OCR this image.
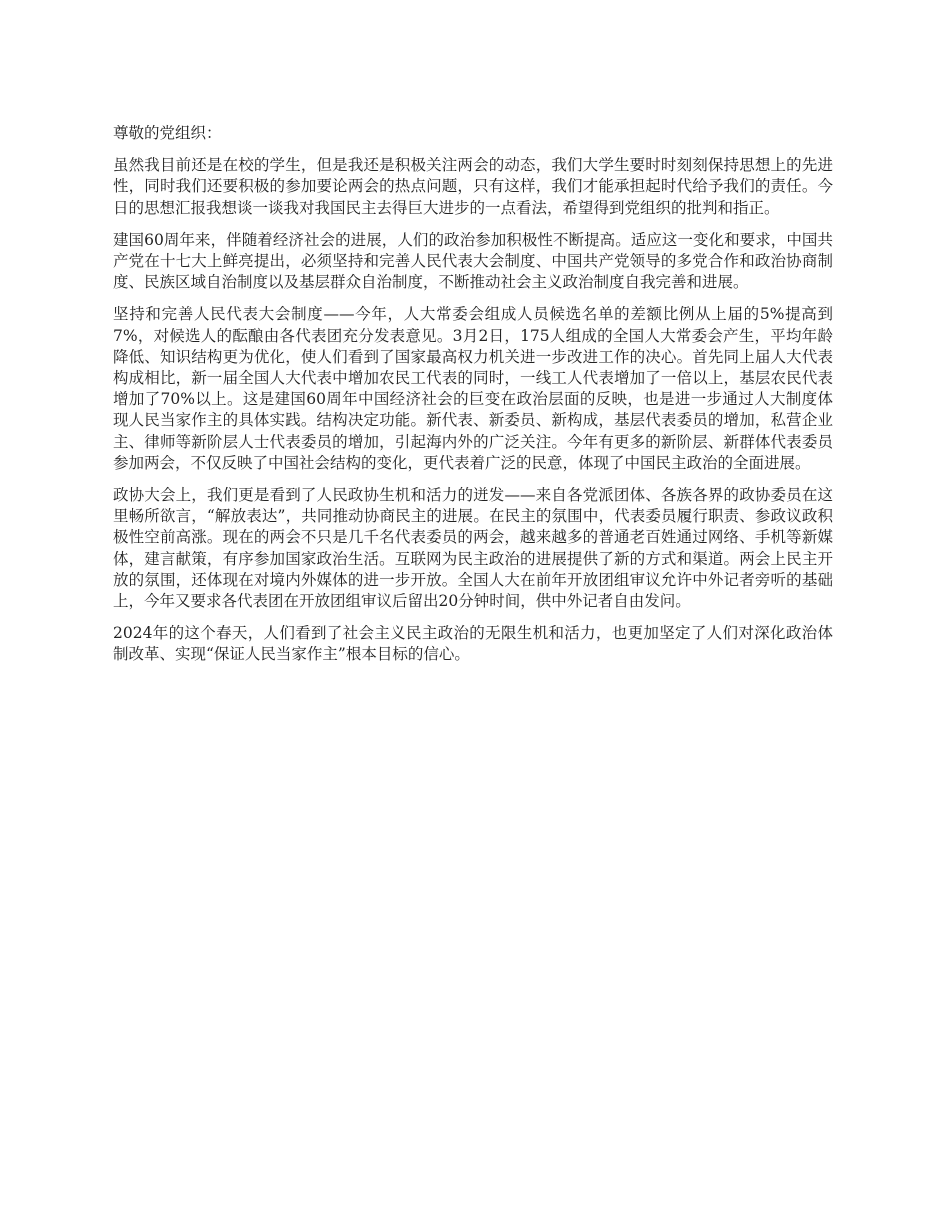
尊敬的党组织：

虽然我目前还是在校的学生，但是我还是积极关注两会的动态，我们大学生要时时刻刻保持思想上的先进性，同时我们还要积极的参加要论两会的热点问题，只有这样，我们才能承担起时代给予我们的责任。今日的思想汇报我想谈一谈我对我国民主去得巨大进步的一点看法，希望得到党组织的批判和指正。

建国60周年来，伴随着经济社会的进展，人们的政治参加积极性不断提高。适应这一变化和要求，中国共产党在十七大上鲜亮提出，必须坚持和完善人民代表大会制度、中国共产党领导的多党合作和政治协商制度、民族区域自治制度以及基层群众自治制度，不断推动社会主义政治制度自我完善和进展。

坚持和完善人民代表大会制度——今年，人大常委会组成人员候选名单的差额比例从上届的5%提高到7%，对候选人的酝酿由各代表团充分发表意见。3月2日，175人组成的全国人大常委会产生，平均年龄降低、知识结构更为优化，使人们看到了国家最高权力机关进一步改进工作的决心。首先同上届人大代表构成相比，新一届全国人大代表中增加农民工代表的同时，一线工人代表增加了一倍以上，基层农民代表增加了70%以上。这是建国60周年中国经济社会的巨变在政治层面的反映，也是进一步通过人大制度体现人民当家作主的具体实践。结构决定功能。新代表、新委员、新构成，基层代表委员的增加，私营企业主、律师等新阶层人士代表委员的增加，引起海内外的广泛关注。今年有更多的新阶层、新群体代表委员参加两会，不仅反映了中国社会结构的变化，更代表着广泛的民意，体现了中国民主政治的全面进展。

政协大会上，我们更是看到了人民政协生机和活力的迸发——来自各党派团体、各族各界的政协委员在这里畅所欲言，“解放表达”，共同推动协商民主的进展。在民主的氛围中，代表委员履行职责、参政议政积极性空前高涨。现在的两会不只是几千名代表委员的两会，越来越多的普通老百姓通过网络、手机等新媒体，建言献策，有序参加国家政治生活。互联网为民主政治的进展提供了新的方式和渠道。两会上民主开放的氛围，还体现在对境内外媒体的进一步开放。全国人大在前年开放团组审议允许中外记者旁听的基础上，今年又要求各代表团在开放团组审议后留出20分钟时间，供中外记者自由发问。

2024年的这个春天，人们看到了社会主义民主政治的无限生机和活力，也更加坚定了人们对深化政治体制改革、实现“保证人民当家作主”根本目标的信心。
